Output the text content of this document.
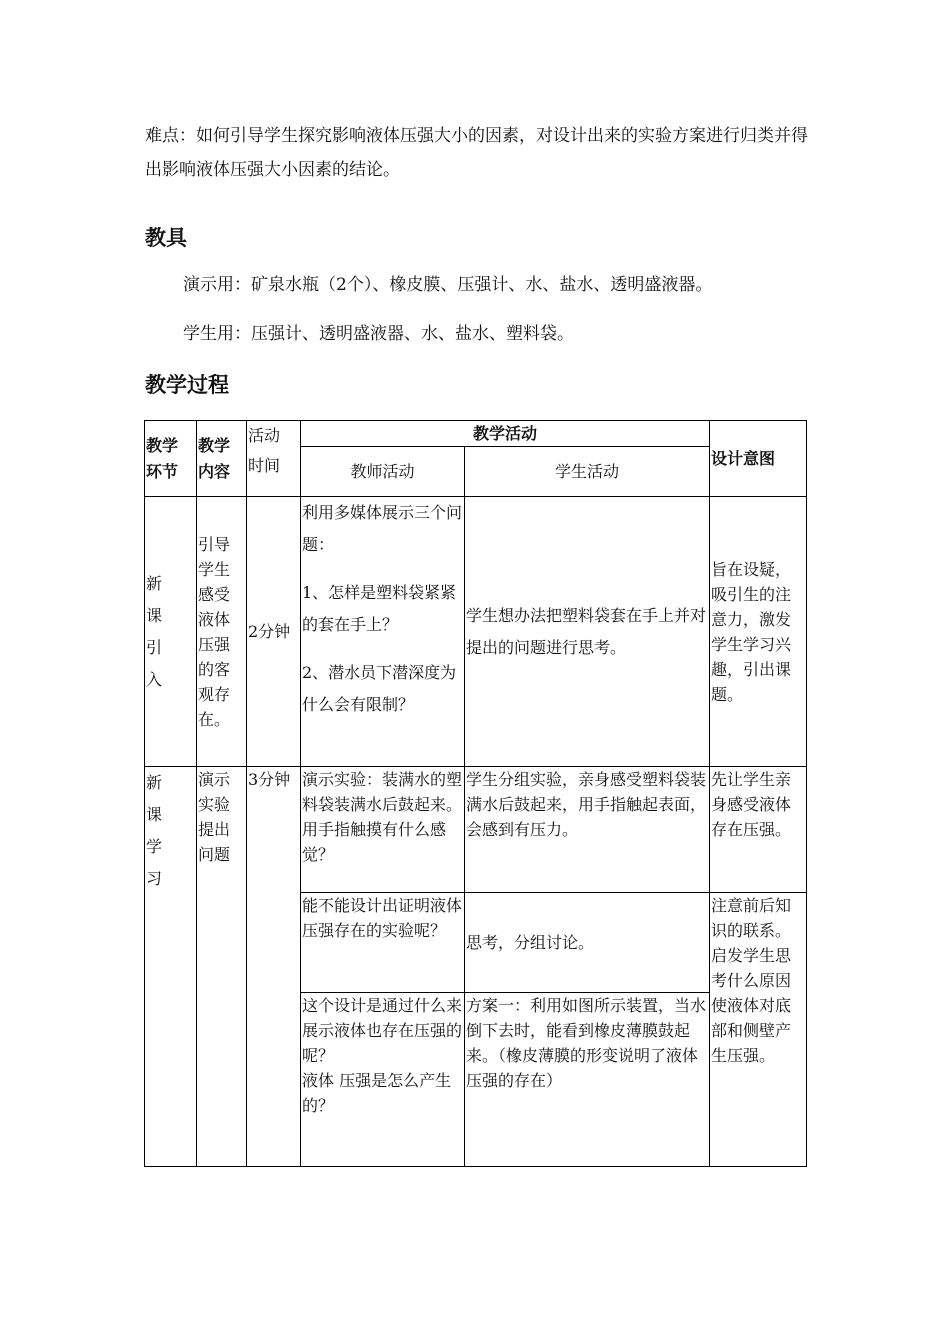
难点：如何引导学生探究影响液体压强大小的因素，对设计出来的实验方案进行归类并得出影响液体压强大小因素的结论。
教具
演示用：矿泉水瓶（2个）、橡皮膜、压强计、水、盐水、透明盛液器。
学生用：压强计、透明盛液器、水、盐水、塑料袋。
教学过程
教学环节	教学内容	活动时间	教学活动		设计意图
			教师活动	学生活动	

新课引入	引导学生感受液体压强的客观存在。	2分钟	利用多媒体展示三个问题：
1、怎样是塑料袋紧紧的套在手上？
2、潜水员下潜深度为什么会有限制？	学生想办法把塑料袋套在手上并对提出的问题进行思考。	旨在设疑，吸引生的注意力，激发学生学习兴趣，引出课题。

新课学习	演示实验提出问题	3分钟	演示实验：装满水的塑料袋装满水后鼓起来。用手指触摸有什么感觉？	学生分组实验，亲身感受塑料袋装满水后鼓起来，用手指触起表面，会感到有压力。	先让学生亲身感受液体存在压强。
			能不能设计出证明液体压强存在的实验呢？	思考，分组讨论。	注意前后知识的联系。启发学生思考什么原因使液体对底部和侧壁产生压强。

			这个设计是通过什么来展示液体也存在压强的呢？
液体 压强是怎么产生的？	方案一：利用如图所示装置，当水倒下去时，能看到橡皮薄膜鼓起来。（橡皮薄膜的形变说明了液体压强的存在）	
